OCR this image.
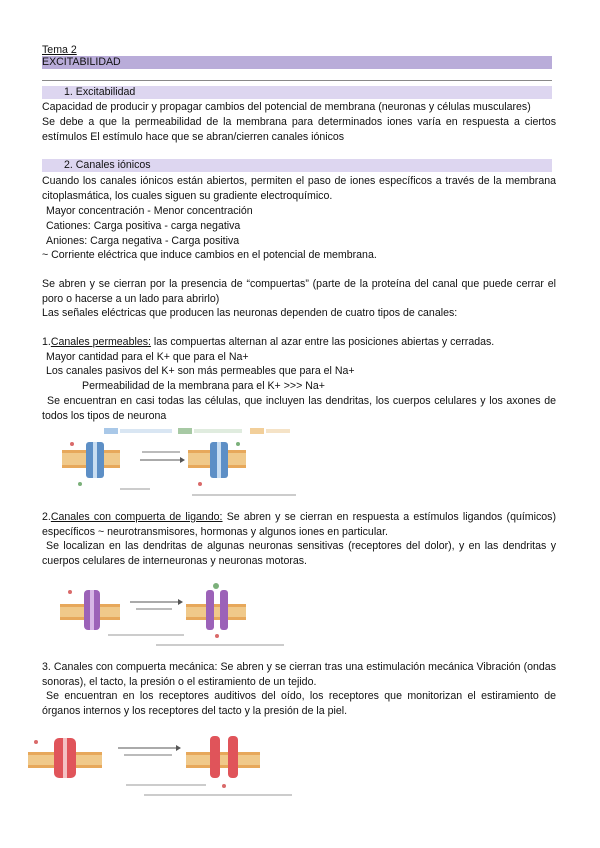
Tema 2
EXCITABILIDAD
1. Excitabilidad
Capacidad de producir y propagar cambios del potencial de membrana (neuronas y células musculares)
Se debe a que la permeabilidad de la membrana para determinados iones varía en respuesta a ciertos estímulos El estímulo hace que se abran/cierren canales iónicos
2. Canales iónicos
Cuando los canales iónicos están abiertos, permiten el paso de iones específicos a través de la membrana citoplasmática, los cuales siguen su gradiente electroquímico.
Mayor concentración - Menor concentración
Cationes: Carga positiva - carga negativa
Aniones: Carga negativa - Carga positiva
~ Corriente eléctrica que induce cambios en el potencial de membrana.
Se abren y se cierran por la presencia de “compuertas” (parte de la proteína del canal que puede cerrar el poro o hacerse a un lado para abrirlo)
Las señales eléctricas que producen las neuronas dependen de cuatro tipos de canales:
1.Canales permeables: las compuertas alternan al azar entre las posiciones abiertas y cerradas.
Mayor cantidad para el K+ que para el Na+
Los canales pasivos del K+ son más permeables que para el Na+
Permeabilidad de la membrana para el K+ >>> Na+
Se encuentran en casi todas las células, que incluyen las dendritas, los cuerpos celulares y los axones de todos los tipos de neurona
2.Canales con compuerta de ligando: Se abren y se cierran en respuesta a estímulos ligandos (químicos) específicos ~ neurotransmisores, hormonas y algunos iones en particular.
Se localizan en las dendritas de algunas neuronas sensitivas (receptores del dolor), y en las dendritas y cuerpos celulares de interneuronas y neuronas motoras.
3. Canales con compuerta mecánica: Se abren y se cierran tras una estimulación mecánica Vibración (ondas sonoras), el tacto, la presión o el estiramiento de un tejido.
Se encuentran en los receptores auditivos del oído, los receptores que monitorizan el estiramiento de órganos internos y los receptores del tacto y la presión de la piel.
